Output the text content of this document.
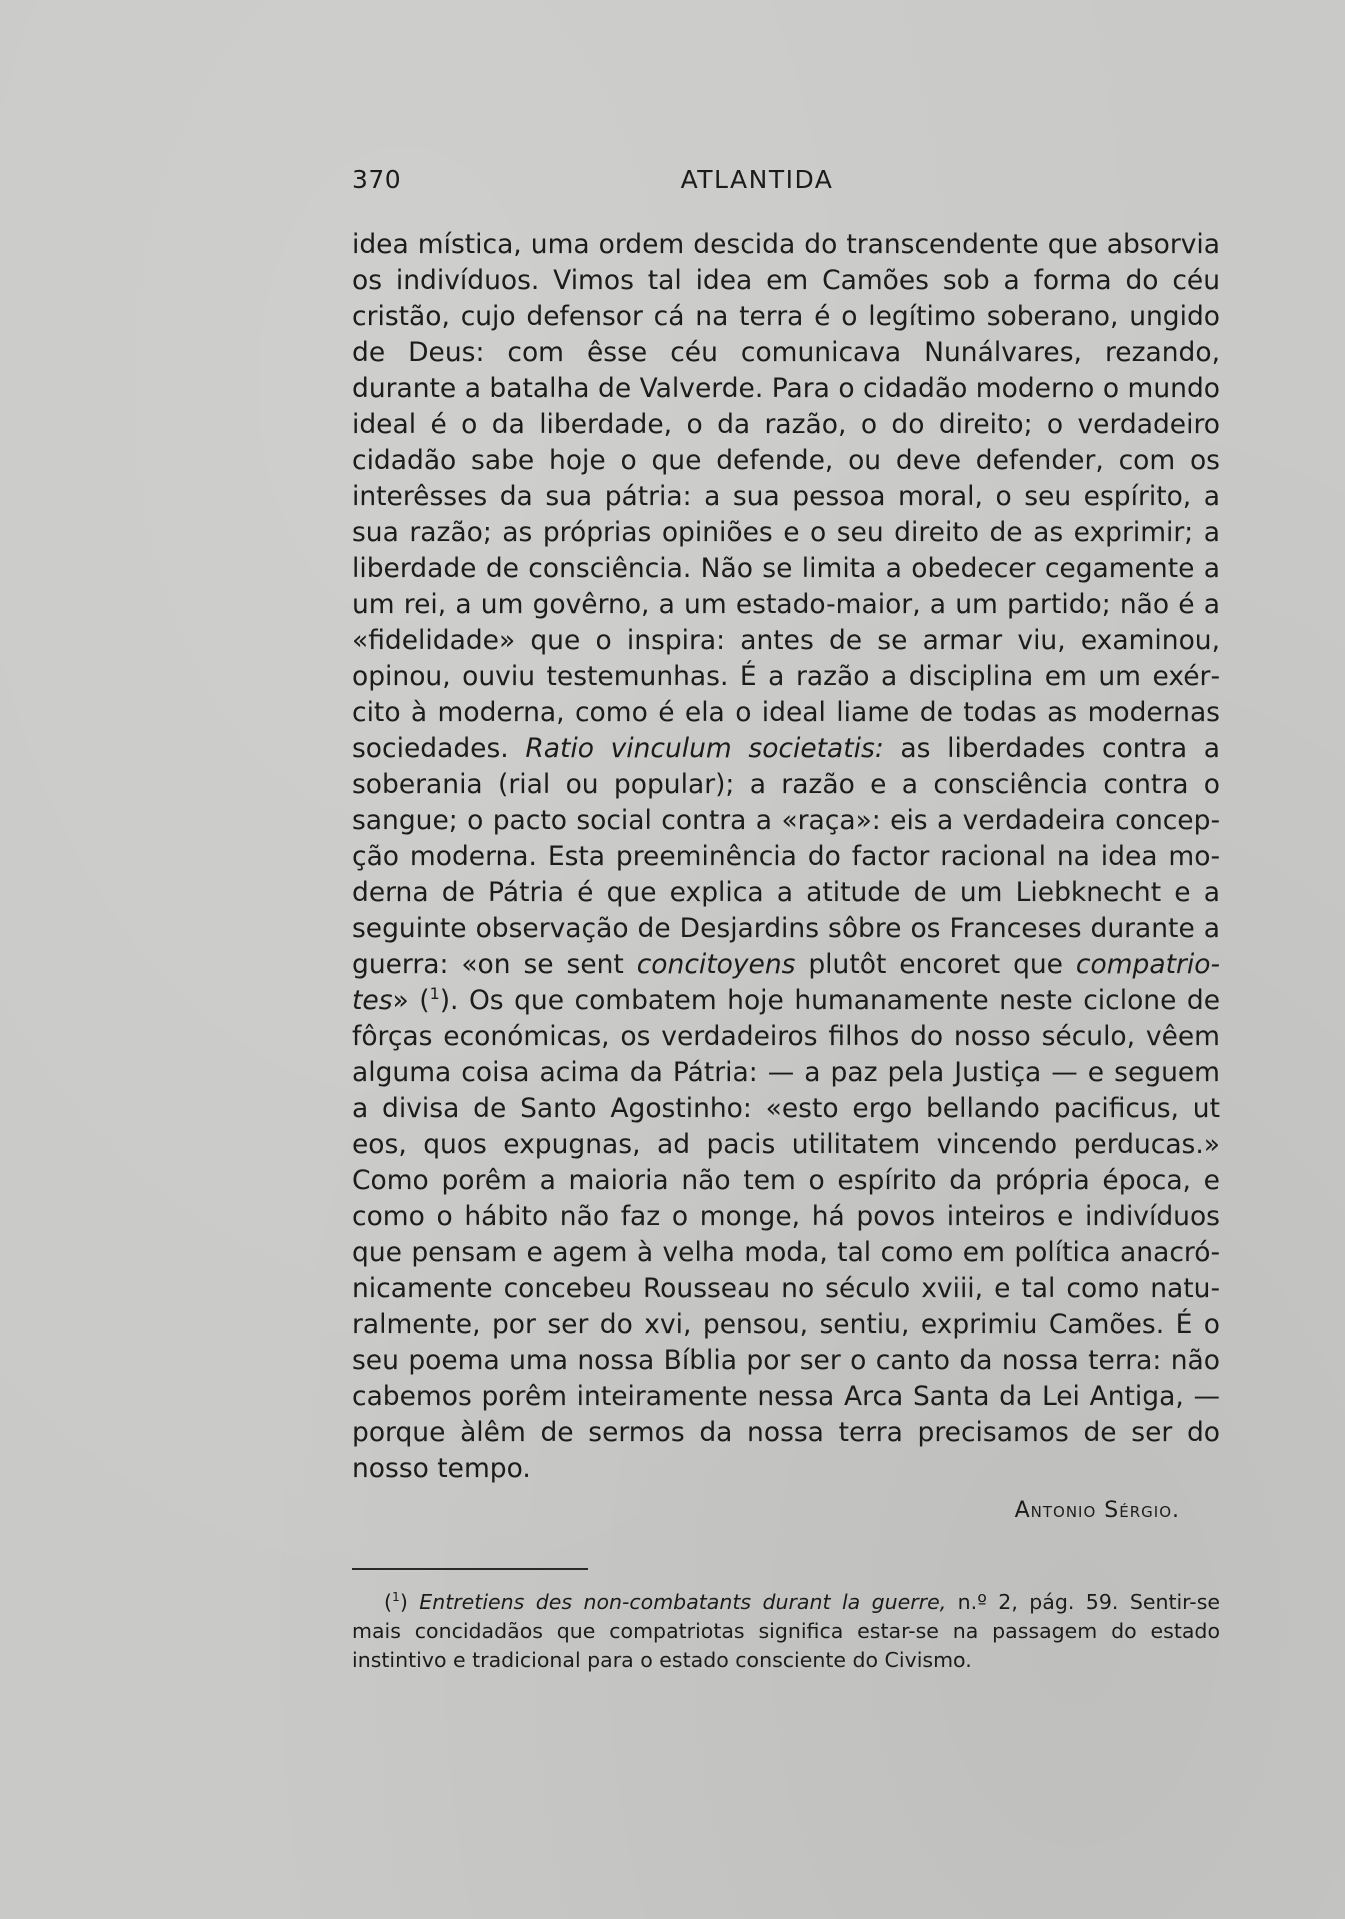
370	ATLANTIDA

idea mística, uma ordem descida do transcendente que absorvia os indivíduos. Vimos tal idea em Camões sob a forma do céu cristão, cujo defensor cá na terra é o legítimo soberano, ungido de Deus: com êsse céu comunicava Nunálvares, rezando, durante a batalha de Valverde. Para o cidadão moderno o mundo ideal é o da liberdade, o da razão, o do direito; o verdadeiro cidadão sabe hoje o que defende, ou deve defender, com os interêsses da sua pátria: a sua pessoa moral, o seu espírito, a sua razão; as próprias opiniões e o seu direito de as exprimir; a liberdade de consciência. Não se limita a obedecer cegamente a um rei, a um govêrno, a um estado-maior, a um partido; não é a «fidelidade» que o inspira: antes de se armar viu, examinou, opinou, ouviu testemunhas. É a razão a disciplina em um exército à moderna, como é ela o ideal liame de todas as modernas sociedades. Ratio vinculum societatis: as liberdades contra a soberania (rial ou popular); a razão e a consciência contra o sangue; o pacto social contra a «raça»: eis a verdadeira concepção moderna. Esta preeminência do factor racional na idea moderna de Pátria é que explica a atitude de um Liebknecht e a seguinte observação de Desjardins sôbre os Franceses durante a guerra: «on se sent concitoyens plutôt encoret que compatriotes» ($^1$). Os que combatem hoje humanamente neste ciclone de fôrças económicas, os verdadeiros filhos do nosso século, vêem alguma coisa acima da Pátria: — a paz pela Justiça — e seguem a divisa de Santo Agostinho: «esto ergo bellando pacificus, ut eos, quos expugnas, ad pacis utilitatem vincendo perducas.» Como porêm a maioria não tem o espírito da própria época, e como o hábito não faz o monge, há povos inteiros e indivíduos que pensam e agem à velha moda, tal como em política anacrónicamente concebeu Rousseau no século xviii, e tal como naturalmente, por ser do xvi, pensou, sentiu, exprimiu Camões. É o seu poema uma nossa Bíblia por ser o canto da nossa terra: não cabemos porêm inteiramente nessa Arca Santa da Lei Antiga, — porque àlêm de sermos da nossa terra precisamos de ser do nosso tempo.

Antonio Sérgio.

($^1$) Entretiens des non-combatants durant la guerre, n.º 2, pág. 59. Sentir-se mais concidadãos que compatriotas significa estar-se na passagem do estado instintivo e tradicional para o estado consciente do Civismo.
